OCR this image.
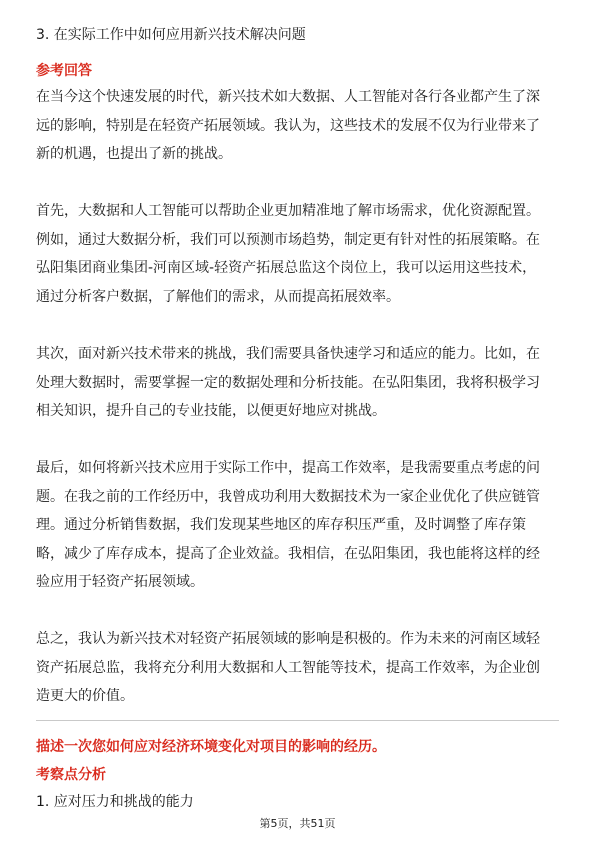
3. 在实际工作中如何应用新兴技术解决问题
参考回答

在当今这个快速发展的时代，新兴技术如大数据、人工智能对各行各业都产生了深
远的影响，特别是在轻资产拓展领域。我认为，这些技术的发展不仅为行业带来了
新的机遇，也提出了新的挑战。

首先，大数据和人工智能可以帮助企业更加精准地了解市场需求，优化资源配置。
例如，通过大数据分析，我们可以预测市场趋势，制定更有针对性的拓展策略。在
弘阳集团商业集团-河南区域-轻资产拓展总监这个岗位上，我可以运用这些技术，
通过分析客户数据，了解他们的需求，从而提高拓展效率。

其次，面对新兴技术带来的挑战，我们需要具备快速学习和适应的能力。比如，在
处理大数据时，需要掌握一定的数据处理和分析技能。在弘阳集团，我将积极学习
相关知识，提升自己的专业技能，以便更好地应对挑战。

最后，如何将新兴技术应用于实际工作中，提高工作效率，是我需要重点考虑的问
题。在我之前的工作经历中，我曾成功利用大数据技术为一家企业优化了供应链管
理。通过分析销售数据，我们发现某些地区的库存积压严重，及时调整了库存策
略，减少了库存成本，提高了企业效益。我相信，在弘阳集团，我也能将这样的经
验应用于轻资产拓展领域。

总之，我认为新兴技术对轻资产拓展领域的影响是积极的。作为未来的河南区域轻
资产拓展总监，我将充分利用大数据和人工智能等技术，提高工作效率，为企业创
造更大的价值。

描述一次您如何应对经济环境变化对项目的影响的经历。
考察点分析
1. 应对压力和挑战的能力
第5页，共51页
